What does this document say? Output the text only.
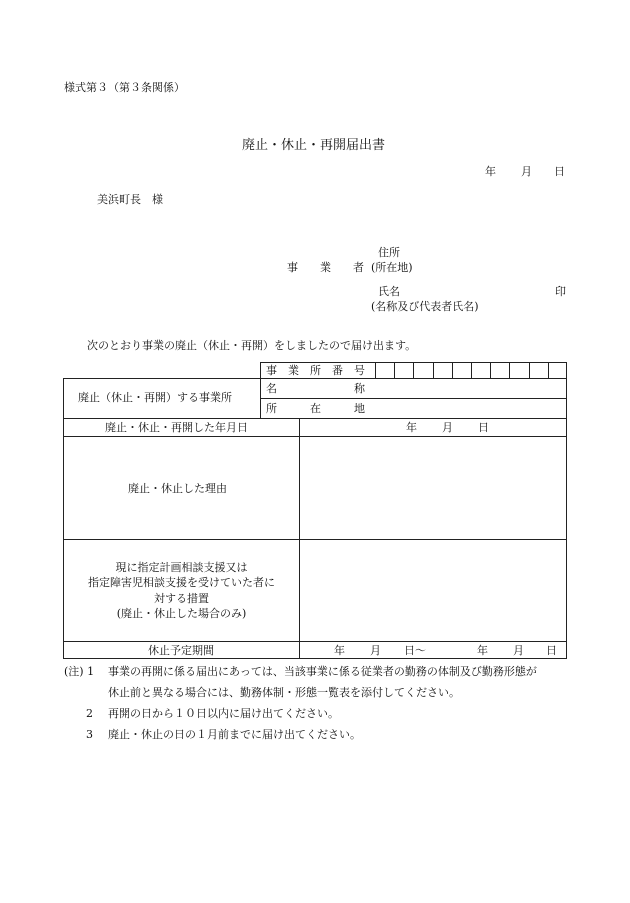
様式第３（第３条関係）
廃止・休止・再開届出書
年 月 日
美浜町長　様
住所
事　　業　　者 (所在地)
氏名	印
(名称及び代表者氏名)
次のとおり事業の廃止（休止・再開）をしましたので届け出ます。
廃止（休止・再開）する事業所
事　業　所　番　号
名　　　　　　　称
所　　　在　　　地
廃止・休止・再開した年月日	年 月 日
廃止・休止した理由
現に指定計画相談支援又は
指定障害児相談支援を受けていた者に
対する措置
(廃止・休止した場合のみ)
休止予定期間	年 月 日〜	年 月 日
(注) 1	事業の再開に係る届出にあっては、当該事業に係る従業者の勤務の体制及び勤務形態が
休止前と異なる場合には、勤務体制・形態一覧表を添付してください。
　　2	再開の日から１０日以内に届け出てください。
　　3	廃止・休止の日の１月前までに届け出てください。
